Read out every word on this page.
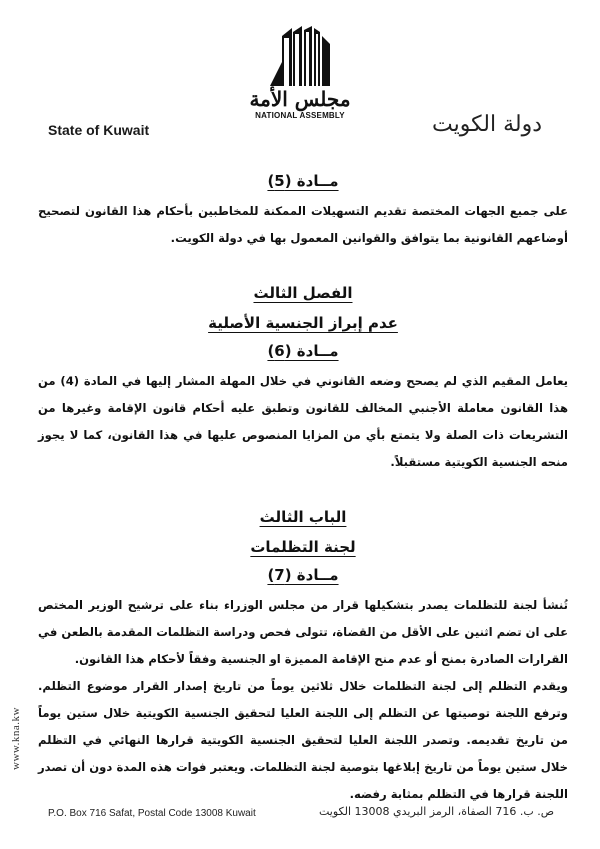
State of Kuwait
مجلس الأمة
NATIONAL ASSEMBLY	دولة الكويت
مــادة (5)
على جميع الجهات المختصة تقديم التسهيلات الممكنة للمخاطبين بأحكام هذا القانون لتصحيح أوضاعهم القانونية بما يتوافق والقوانين المعمول بها في دولة الكويت.
الفصل الثالث
عدم إبراز الجنسية الأصلية
مــادة (6)
يعامل المقيم الذي لم يصحح وضعه القانوني في خلال المهلة المشار إليها في المادة (4) من هذا القانون معاملة الأجنبي المخالف للقانون وتطبق عليه أحكام قانون الإقامة وغيرها من التشريعات ذات الصلة ولا يتمتع بأي من المزايا المنصوص عليها في هذا القانون، كما لا يجوز منحه الجنسية الكويتية مستقبلاً.
الباب الثالث
لجنة التظلمات
مــادة (7)
تُنشأ لجنة للتظلمات يصدر بتشكيلها قرار من مجلس الوزراء بناء على ترشيح الوزير المختص على ان تضم اثنين على الأقل من القضاة، تتولى فحص ودراسة التظلمات المقدمة بالطعن في القرارات الصادرة بمنح أو عدم منح الإقامة المميزة او الجنسية وفقاً لأحكام هذا القانون.
ويقدم التظلم إلى لجنة التظلمات خلال ثلاثين يوماً من تاريخ إصدار القرار موضوع التظلم. وترفع اللجنة توصيتها عن التظلم إلى اللجنة العليا لتحقيق الجنسية الكويتية خلال ستين يوماً من تاريخ تقديمه. وتصدر اللجنة العليا لتحقيق الجنسية الكويتية قرارها النهائي في التظلم خلال ستين يوماً من تاريخ إبلاغها بتوصية لجنة التظلمات. ويعتبر فوات هذه المدة دون أن تصدر اللجنة قرارها في التظلم بمثابة رفضه.
www.kna.kw
P.O. Box 716 Safat, Postal Code 13008 Kuwait	ص. ب. 716 الصفاة، الرمز البريدي 13008 الكويت
